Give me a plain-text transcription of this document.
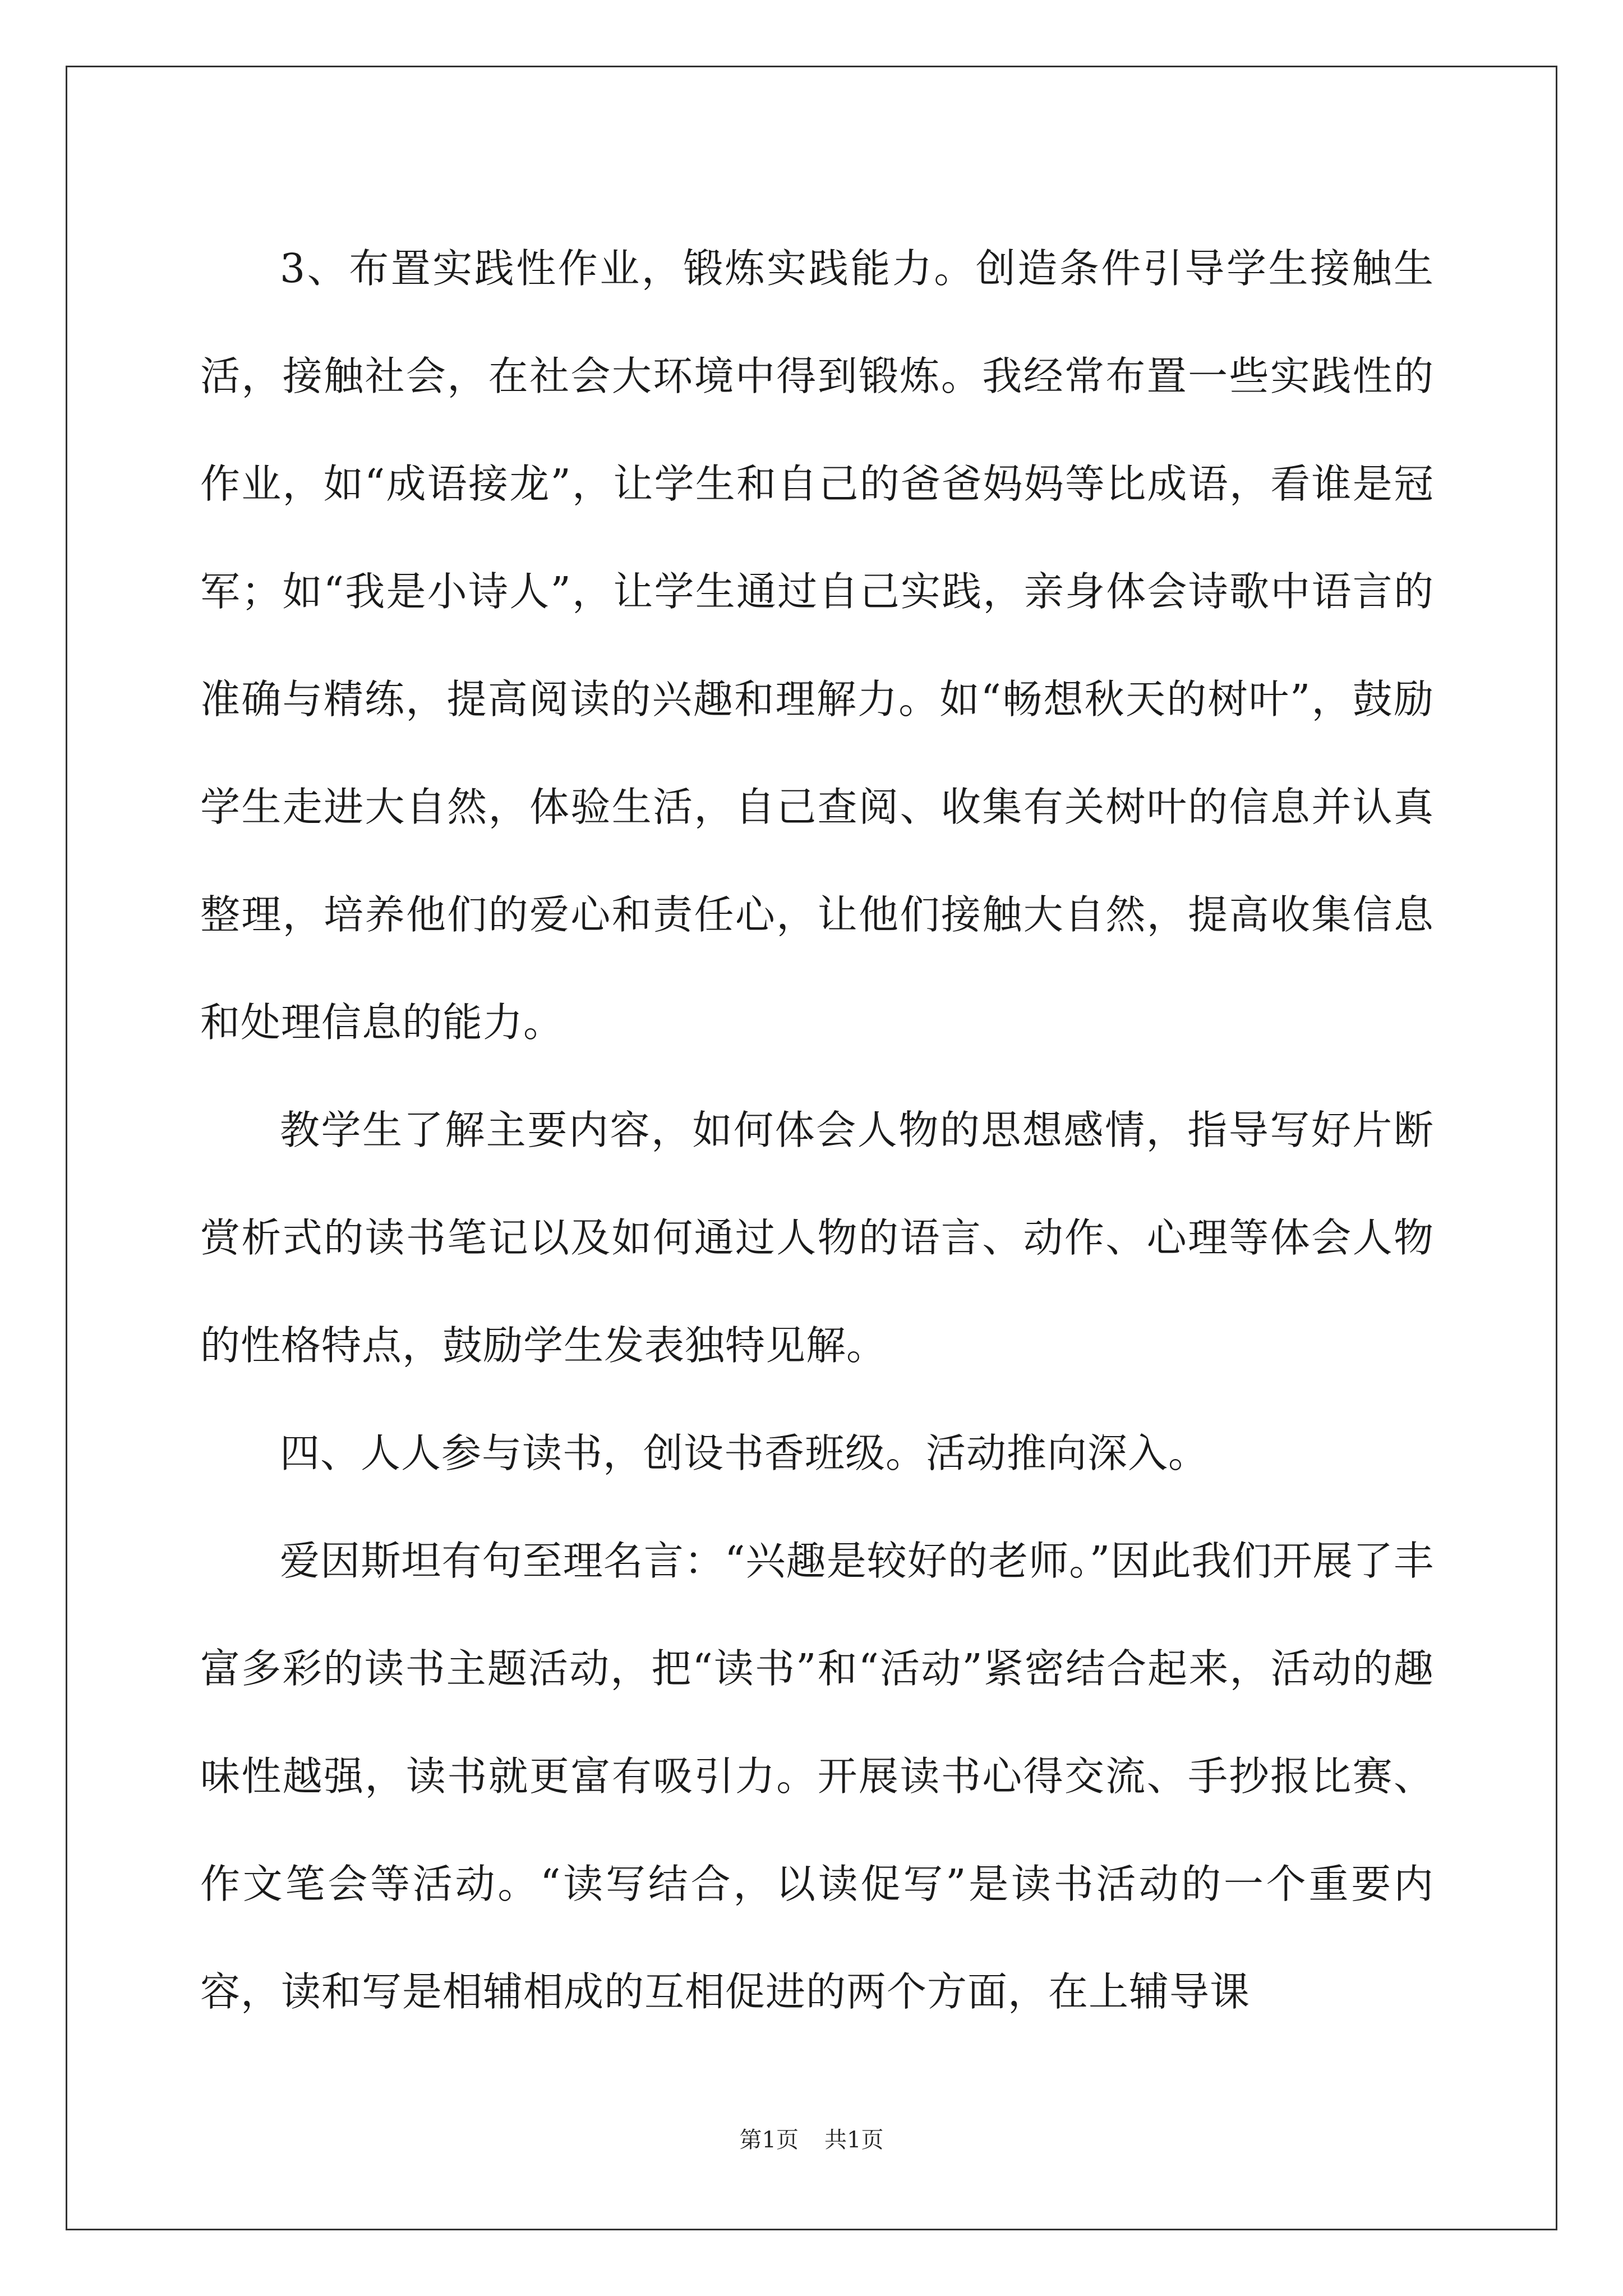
3、布置实践性作业，锻炼实践能力。创造条件引导学生接触生活，接触社会，在社会大环境中得到锻炼。我经常布置一些实践性的作业，如“成语接龙”，让学生和自己的爸爸妈妈等比成语，看谁是冠军；如“我是小诗人”，让学生通过自己实践，亲身体会诗歌中语言的准确与精练，提高阅读的兴趣和理解力。如“畅想秋天的树叶”，鼓励学生走进大自然，体验生活，自己查阅、收集有关树叶的信息并认真整理，培养他们的爱心和责任心，让他们接触大自然，提高收集信息和处理信息的能力。

教学生了解主要内容，如何体会人物的思想感情，指导写好片断赏析式的读书笔记以及如何通过人物的语言、动作、心理等体会人物的性格特点，鼓励学生发表独特见解。

四、人人参与读书，创设书香班级。活动推向深入。

爱因斯坦有句至理名言：“兴趣是较好的老师。”因此我们开展了丰富多彩的读书主题活动，把“读书”和“活动”紧密结合起来，活动的趣味性越强，读书就更富有吸引力。开展读书心得交流、手抄报比赛、作文笔会等活动。“读写结合，以读促写”是读书活动的一个重要内容，读和写是相辅相成的互相促进的两个方面，在上辅导课

第1页 共1页
